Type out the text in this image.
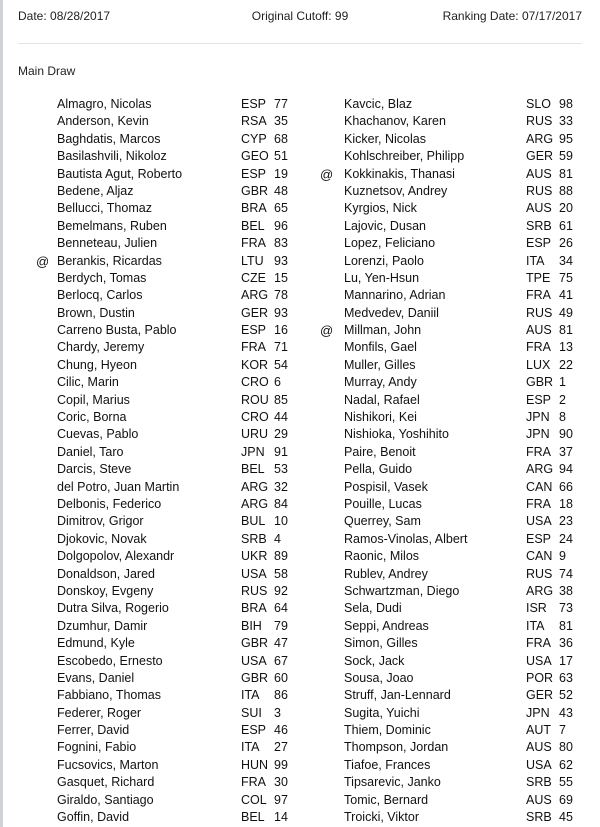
Date: 08/28/2017	Original Cutoff: 99	Ranking Date: 07/17/2017
Main Draw
Almagro, Nicolas	ESP 77
Anderson, Kevin	RSA 35
Baghdatis, Marcos	CYP 68
Basilashvili, Nikoloz	GEO 51
Bautista Agut, Roberto	ESP 19
Bedene, Aljaz	GBR 48
Bellucci, Thomaz	BRA 65
Bemelmans, Ruben	BEL 96
Benneteau, Julien	FRA 83
@ Berankis, Ricardas	LTU 93
Berdych, Tomas	CZE 15
Berlocq, Carlos	ARG 78
Brown, Dustin	GER 93
Carreno Busta, Pablo	ESP 16
Chardy, Jeremy	FRA 71
Chung, Hyeon	KOR 54
Cilic, Marin	CRO 6
Copil, Marius	ROU 85
Coric, Borna	CRO 44
Cuevas, Pablo	URU 29
Daniel, Taro	JPN 91
Darcis, Steve	BEL 53
del Potro, Juan Martin	ARG 32
Delbonis, Federico	ARG 84
Dimitrov, Grigor	BUL 10
Djokovic, Novak	SRB 4
Dolgopolov, Alexandr	UKR 89
Donaldson, Jared	USA 58
Donskoy, Evgeny	RUS 92
Dutra Silva, Rogerio	BRA 64
Dzumhur, Damir	BIH 79
Edmund, Kyle	GBR 47
Escobedo, Ernesto	USA 67
Evans, Daniel	GBR 60
Fabbiano, Thomas	ITA 86
Federer, Roger	SUI 3
Ferrer, David	ESP 46
Fognini, Fabio	ITA 27
Fucsovics, Marton	HUN 99
Gasquet, Richard	FRA 30
Giraldo, Santiago	COL 97
Goffin, David	BEL 14
Kavcic, Blaz	SLO 98
Khachanov, Karen	RUS 33
Kicker, Nicolas	ARG 95
Kohlschreiber, Philipp	GER 59
@ Kokkinakis, Thanasi	AUS 81
Kuznetsov, Andrey	RUS 88
Kyrgios, Nick	AUS 20
Lajovic, Dusan	SRB 61
Lopez, Feliciano	ESP 26
Lorenzi, Paolo	ITA 34
Lu, Yen-Hsun	TPE 75
Mannarino, Adrian	FRA 41
Medvedev, Daniil	RUS 49
@ Millman, John	AUS 81
Monfils, Gael	FRA 13
Muller, Gilles	LUX 22
Murray, Andy	GBR 1
Nadal, Rafael	ESP 2
Nishikori, Kei	JPN 8
Nishioka, Yoshihito	JPN 90
Paire, Benoit	FRA 37
Pella, Guido	ARG 94
Pospisil, Vasek	CAN 66
Pouille, Lucas	FRA 18
Querrey, Sam	USA 23
Ramos-Vinolas, Albert	ESP 24
Raonic, Milos	CAN 9
Rublev, Andrey	RUS 74
Schwartzman, Diego	ARG 38
Sela, Dudi	ISR 73
Seppi, Andreas	ITA 81
Simon, Gilles	FRA 36
Sock, Jack	USA 17
Sousa, Joao	POR 63
Struff, Jan-Lennard	GER 52
Sugita, Yuichi	JPN 43
Thiem, Dominic	AUT 7
Thompson, Jordan	AUS 80
Tiafoe, Frances	USA 62
Tipsarevic, Janko	SRB 55
Tomic, Bernard	AUS 69
Troicki, Viktor	SRB 45
